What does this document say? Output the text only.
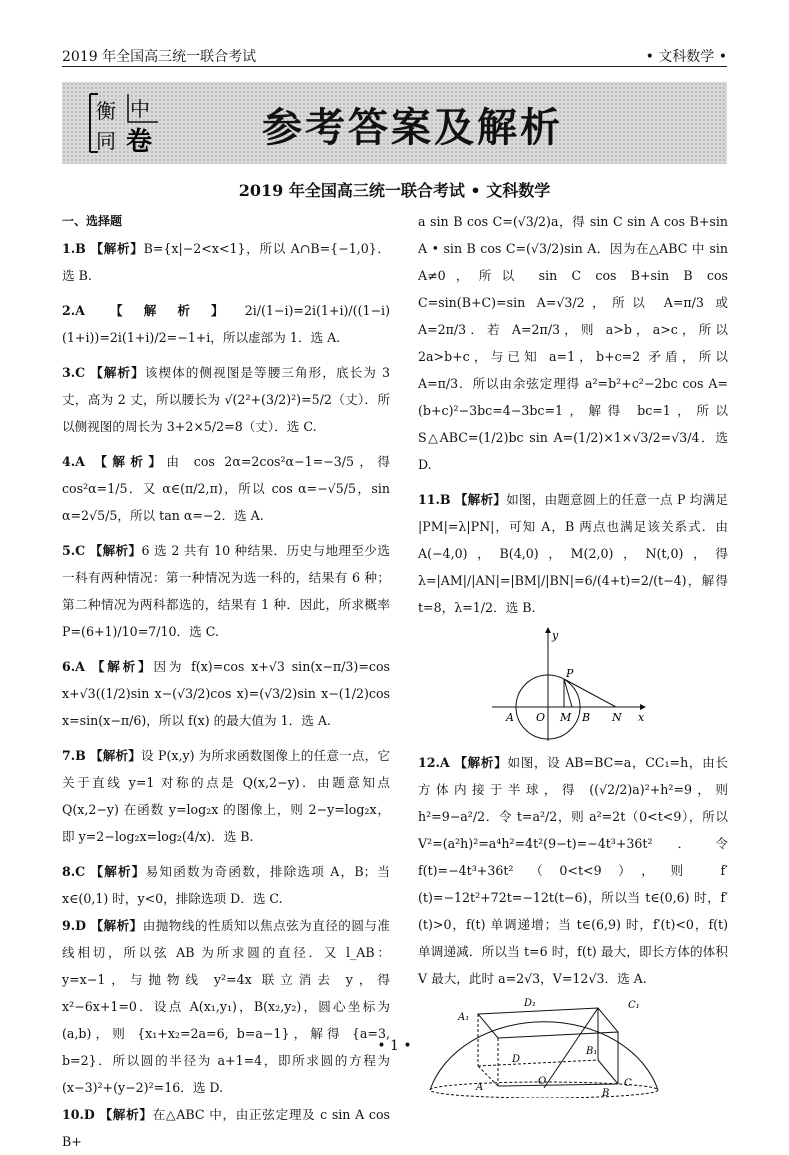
2019 年全国高三统一联合考试	• 文科数学 •
衡 中
同 卷	参考答案及解析
2019 年全国高三统一联合考试 • 文科数学

一、选择题

1.B 【解析】B={x|−2<x<1}，所以 A∩B={−1,0}．选 B.

2.A 【解析】2i/(1−i)=2i(1+i)/((1−i)(1+i))=2i(1+i)/2=−1+i，所以虚部为 1．选 A.

3.C 【解析】该楔体的侧视图是等腰三角形，底长为 3 丈，高为 2 丈，所以腰长为 √(2²+(3/2)²)=5/2（丈）．所以侧视图的周长为 3+2×5/2=8（丈）．选 C.

4.A 【解析】由 cos 2α=2cos²α−1=−3/5，得 cos²α=1/5．又 α∈(π/2,π)，所以 cos α=−√5/5，sin α=2√5/5，所以 tan α=−2．选 A.

5.C 【解析】6 选 2 共有 10 种结果．历史与地理至少选一科有两种情况：第一种情况为选一科的，结果有 6 种；第二种情况为两科都选的，结果有 1 种．因此，所求概率 P=(6+1)/10=7/10．选 C.

6.A 【解析】因为 f(x)=cos x+√3 sin(x−π/3)=cos x+√3((1/2)sin x−(√3/2)cos x)=(√3/2)sin x−(1/2)cos x=sin(x−π/6)，所以 f(x) 的最大值为 1．选 A.

7.B 【解析】设 P(x,y) 为所求函数图像上的任意一点，它关于直线 y=1 对称的点是 Q(x,2−y)．由题意知点 Q(x,2−y) 在函数 y=log₂x 的图像上，则 2−y=log₂x，即 y=2−log₂x=log₂(4/x)．选 B.

8.C 【解析】易知函数为奇函数，排除选项 A，B；当 x∈(0,1) 时，y<0，排除选项 D．选 C.

9.D 【解析】由抛物线的性质知以焦点弦为直径的圆与准线相切，所以弦 AB 为所求圆的直径．又 l_AB：y=x−1，与抛物线 y²=4x 联立消去 y，得 x²−6x+1=0．设点 A(x₁,y₁)，B(x₂,y₂)，圆心坐标为 (a,b)，则 {x₁+x₂=2a=6, b=a−1}，解得 {a=3, b=2}．所以圆的半径为 a+1=4，即所求圆的方程为 (x−3)²+(y−2)²=16．选 D.

10.D 【解析】在△ABC 中，由正弦定理及 c sin A cos B+

a sin B cos C=(√3/2)a，得 sin C sin A cos B+sin A • sin B cos C=(√3/2)sin A．因为在△ABC 中 sin A≠0，所以 sin C cos B+sin B cos C=sin(B+C)=sin A=√3/2，所以 A=π/3 或 A=2π/3．若 A=2π/3，则 a>b，a>c，所以 2a>b+c，与已知 a=1，b+c=2 矛盾，所以 A=π/3．所以由余弦定理得 a²=b²+c²−2bc cos A=(b+c)²−3bc=4−3bc=1，解得 bc=1，所以 S△ABC=(1/2)bc sin A=(1/2)×1×√3/2=√3/4．选 D.

11.B 【解析】如图，由题意圆上的任意一点 P 均满足 |PM|=λ|PN|，可知 A，B 两点也满足该关系式．由 A(−4,0)，B(4,0)，M(2,0)，N(t,0)，得 λ=|AM|/|AN|=|BM|/|BN|=6/(4+t)=2/(t−4)，解得 t=8，λ=1/2．选 B.

y
P
A O M B N x

12.A 【解析】如图，设 AB=BC=a，CC₁=h，由长方体内接于半球，得 ((√2/2)a)²+h²=9，则 h²=9−a²/2．令 t=a²/2，则 a²=2t（0<t<9），所以 V²=(a²h)²=a⁴h²=4t²(9−t)=−4t³+36t²．令 f(t)=−4t³+36t²（0<t<9），则 f′(t)=−12t²+72t=−12t(t−6)，所以当 t∈(0,6) 时，f′(t)>0，f(t) 单调递增；当 t∈(6,9) 时，f′(t)<0，f(t) 单调递减．所以当 t=6 时，f(t) 最大，即长方体的体积 V 最大，此时 a=2√3，V=12√3．选 A.

D₁	C₁
A₁
B₁
D
A
O
B
C
• 1 •
